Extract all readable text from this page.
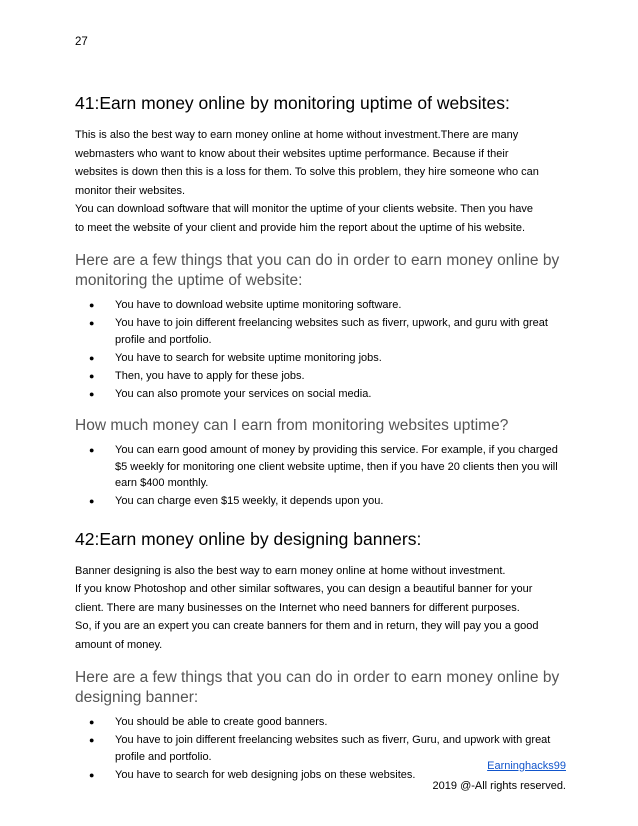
27
41:Earn money online by monitoring uptime of websites:

This is also the best way to earn money online at home without investment.There are many

webmasters who want to know about their websites uptime performance. Because if their

websites is down then this is a loss for them. To solve this problem, they hire someone who can

monitor their websites.

You can download software that will monitor the uptime of your clients website. Then you have

to meet the website of your client and provide him the report about the uptime of his website.

Here are a few things that you can do in order to earn money online by monitoring the uptime of website:
● You have to download website uptime monitoring software.
● You have to join different freelancing websites such as fiverr, upwork, and guru with great profile and portfolio.
● You have to search for website uptime monitoring jobs.
● Then, you have to apply for these jobs.
● You can also promote your services on social media.
How much money can I earn from monitoring websites uptime?
● You can earn good amount of money by providing this service. For example, if you charged $5 weekly for monitoring one client website uptime, then if you have 20 clients then you will earn $400 monthly.
● You can charge even $15 weekly, it depends upon you.
42:Earn money online by designing banners:

Banner designing is also the best way to earn money online at home without investment.

If you know Photoshop and other similar softwares, you can design a beautiful banner for your

client. There are many businesses on the Internet who need banners for different purposes.

So, if you are an expert you can create banners for them and in return, they will pay you a good

amount of money.

Here are a few things that you can do in order to earn money online by designing banner:
● You should be able to create good banners.
● You have to join different freelancing websites such as fiverr, Guru, and upwork with great profile and portfolio.
● You have to search for web designing jobs on these websites.
Earninghacks99
2019 @-All rights reserved.
